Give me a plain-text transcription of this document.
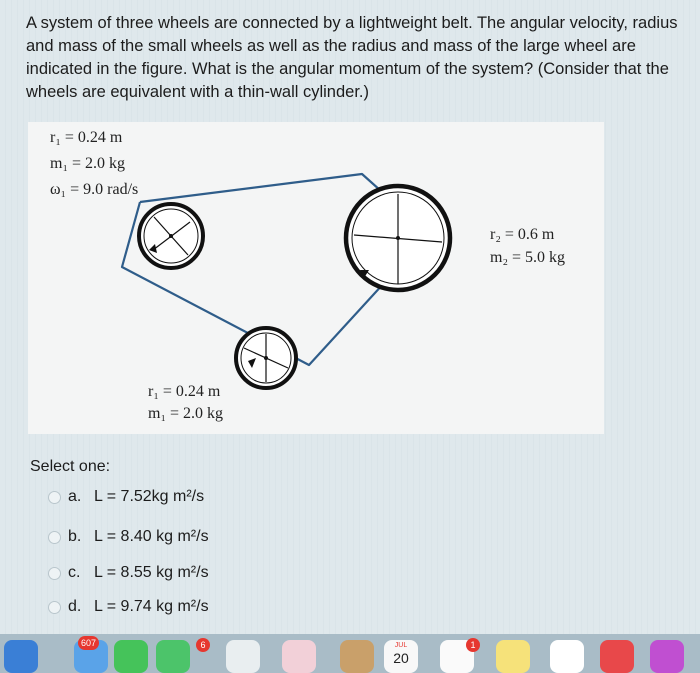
A system of three wheels are connected by a lightweight belt. The angular velocity, radius and mass of the small wheels as well as the radius and mass of the large wheel are indicated in the figure. What is the angular momentum of the system? (Consider that the wheels are equivalent with a thin-wall cylinder.)
r₁ = 0.24 m
m₁ = 2.0 kg
ω₁ = 9.0 rad/s
r₁ = 0.24 m
m₁ = 2.0 kg
r₂ = 0.6 m
m₂ = 5.0 kg
Select one:
a. L = 7.52kg m²/s
b. L = 8.40 kg m²/s
c. L = 8.55 kg m²/s
d. L = 9.74 kg m²/s
607	6	JUL
20
1
